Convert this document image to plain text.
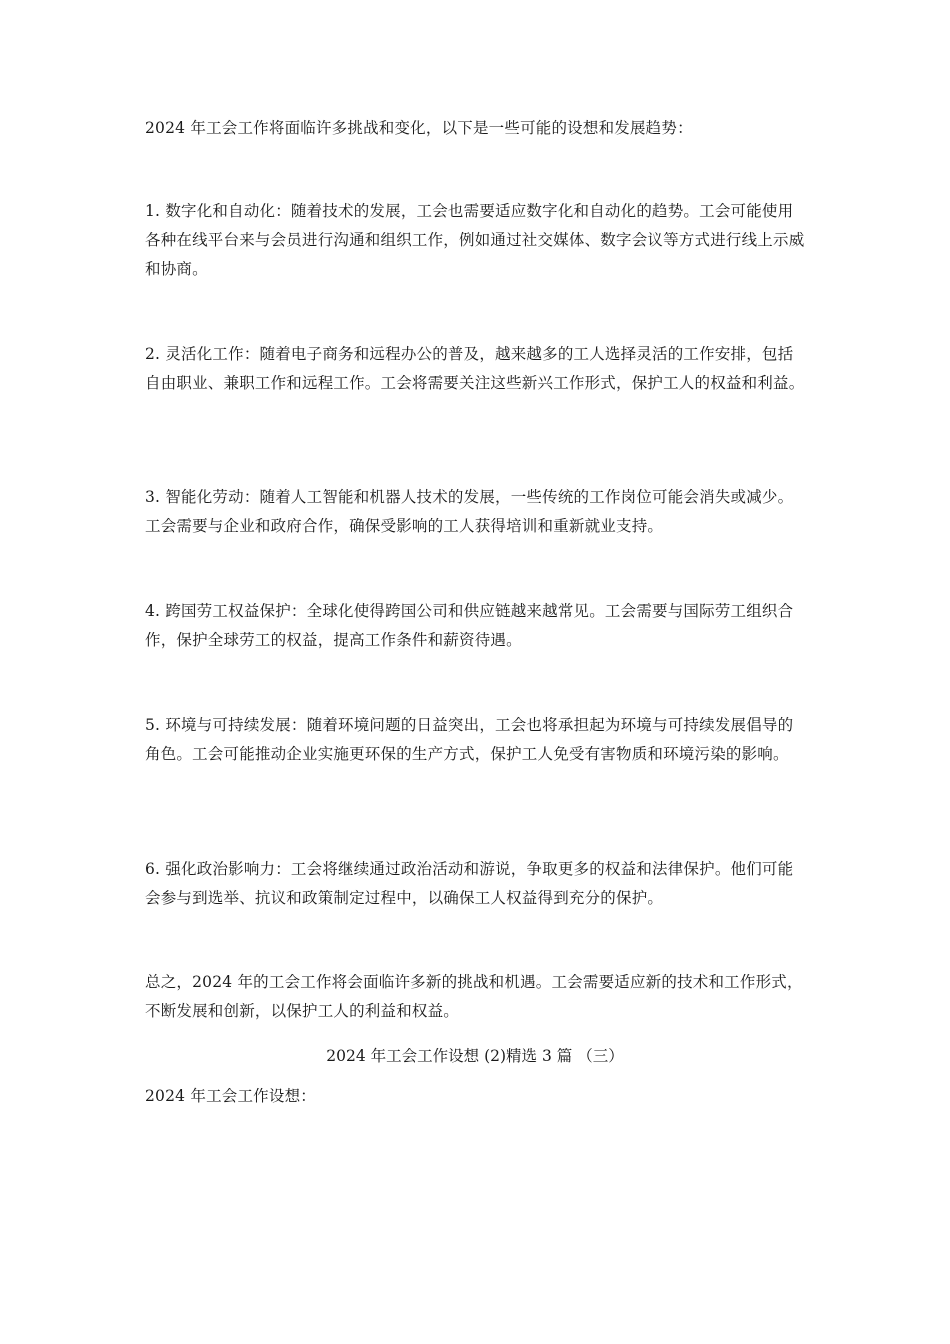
2024 年工会工作将面临许多挑战和变化，以下是一些可能的设想和发展趋势：

1. 数字化和自动化：随着技术的发展，工会也需要适应数字化和自动化的趋势。工会可能使用各种在线平台来与会员进行沟通和组织工作，例如通过社交媒体、数字会议等方式进行线上示威和协商。

2. 灵活化工作：随着电子商务和远程办公的普及，越来越多的工人选择灵活的工作安排，包括自由职业、兼职工作和远程工作。工会将需要关注这些新兴工作形式，保护工人的权益和利益。

3. 智能化劳动：随着人工智能和机器人技术的发展，一些传统的工作岗位可能会消失或减少。工会需要与企业和政府合作，确保受影响的工人获得培训和重新就业支持。

4. 跨国劳工权益保护：全球化使得跨国公司和供应链越来越常见。工会需要与国际劳工组织合作，保护全球劳工的权益，提高工作条件和薪资待遇。

5. 环境与可持续发展：随着环境问题的日益突出，工会也将承担起为环境与可持续发展倡导的角色。工会可能推动企业实施更环保的生产方式，保护工人免受有害物质和环境污染的影响。

6. 强化政治影响力：工会将继续通过政治活动和游说，争取更多的权益和法律保护。他们可能会参与到选举、抗议和政策制定过程中，以确保工人权益得到充分的保护。

总之，2024 年的工会工作将会面临许多新的挑战和机遇。工会需要适应新的技术和工作形式，不断发展和创新，以保护工人的利益和权益。

2024 年工会工作设想 (2)精选 3 篇 （三）

2024 年工会工作设想：
